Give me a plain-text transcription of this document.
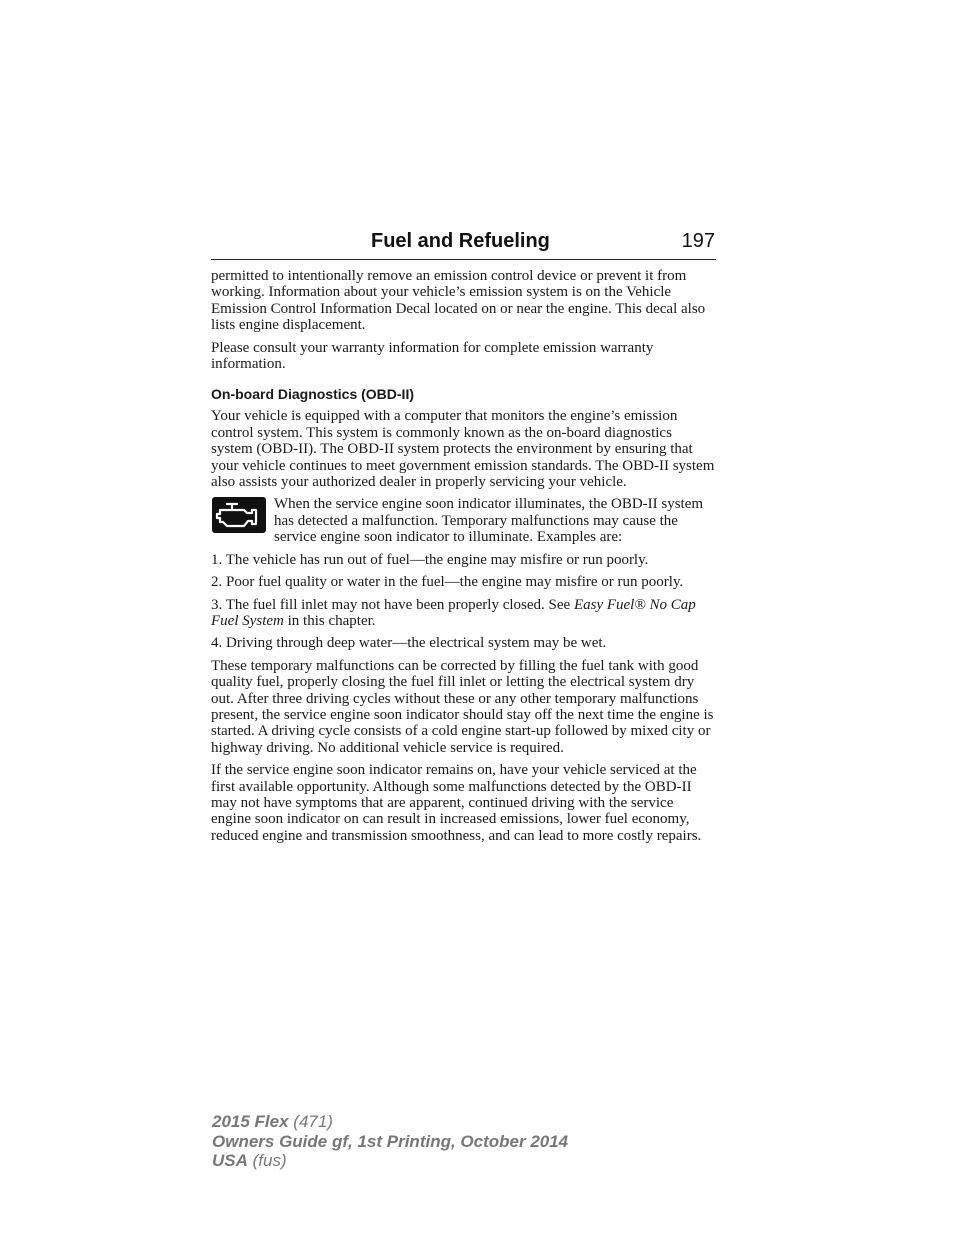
Fuel and Refueling	197

permitted to intentionally remove an emission control device or prevent it from working. Information about your vehicle’s emission system is on the Vehicle Emission Control Information Decal located on or near the engine. This decal also lists engine displacement.

Please consult your warranty information for complete emission warranty information.

On-board Diagnostics (OBD-II)

Your vehicle is equipped with a computer that monitors the engine’s emission control system. This system is commonly known as the on-board diagnostics system (OBD-II). The OBD-II system protects the environment by ensuring that your vehicle continues to meet government emission standards. The OBD-II system also assists your authorized dealer in properly servicing your vehicle.

When the service engine soon indicator illuminates, the OBD-II system has detected a malfunction. Temporary malfunctions may cause the service engine soon indicator to illuminate. Examples are:

1. The vehicle has run out of fuel—the engine may misfire or run poorly.

2. Poor fuel quality or water in the fuel—the engine may misfire or run poorly.

3. The fuel fill inlet may not have been properly closed. See Easy Fuel® No Cap Fuel System in this chapter.

4. Driving through deep water—the electrical system may be wet.

These temporary malfunctions can be corrected by filling the fuel tank with good quality fuel, properly closing the fuel fill inlet or letting the electrical system dry out. After three driving cycles without these or any other temporary malfunctions present, the service engine soon indicator should stay off the next time the engine is started. A driving cycle consists of a cold engine start-up followed by mixed city or highway driving. No additional vehicle service is required.

If the service engine soon indicator remains on, have your vehicle serviced at the first available opportunity. Although some malfunctions detected by the OBD-II may not have symptoms that are apparent, continued driving with the service engine soon indicator on can result in increased emissions, lower fuel economy, reduced engine and transmission smoothness, and can lead to more costly repairs.

2015 Flex (471)
Owners Guide gf, 1st Printing, October 2014
USA (fus)
